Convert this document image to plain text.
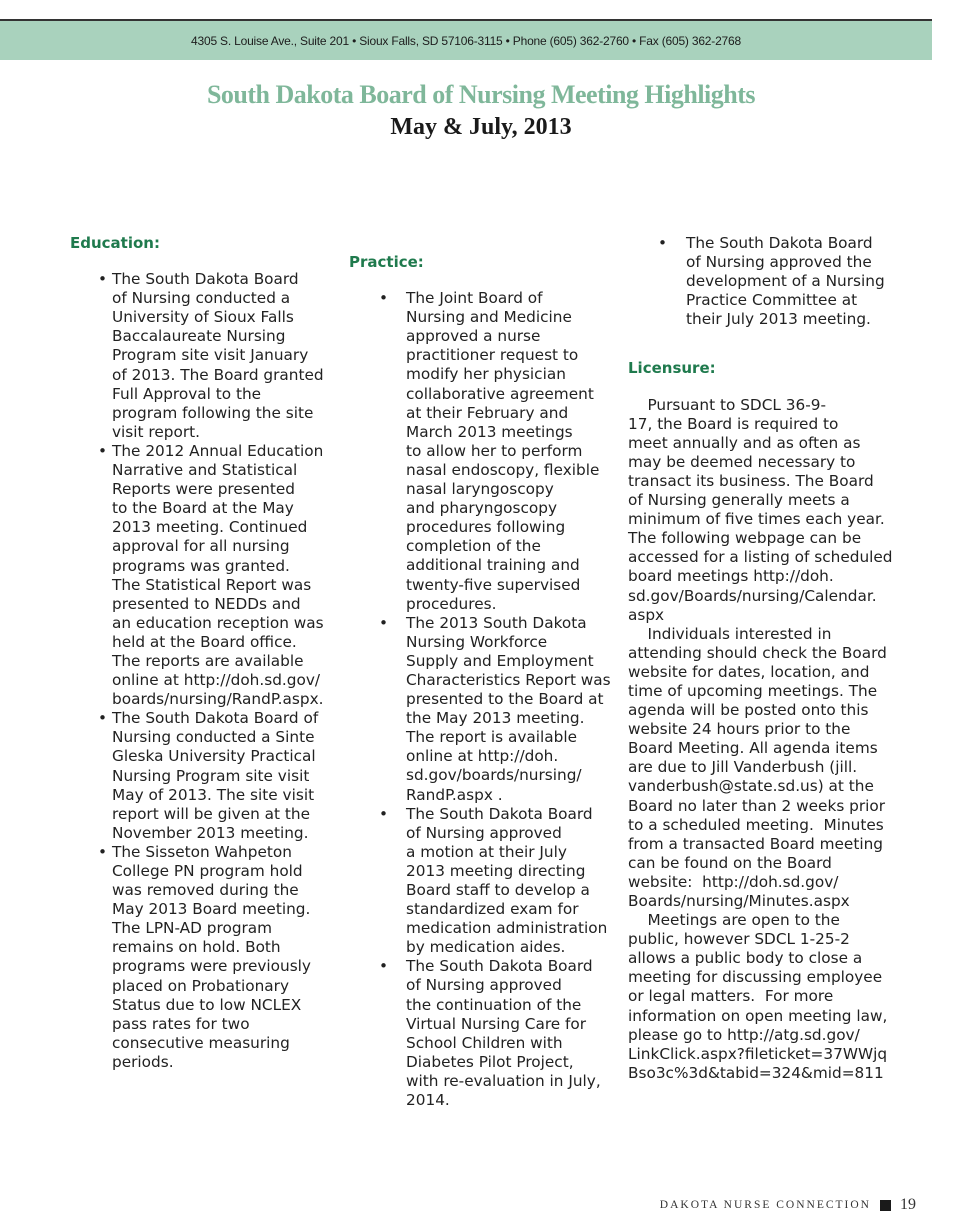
4305 S. Louise Ave., Suite 201 • Sioux Falls, SD 57106-3115 • Phone (605) 362-2760 • Fax (605) 362-2768
South Dakota Board of Nursing Meeting Highlights
May & July, 2013

Education:

• The South Dakota Board
of Nursing conducted a
University of Sioux Falls
Baccalaureate Nursing
Program site visit January
of 2013. The Board granted
Full Approval to the
program following the site
visit report.
• The 2012 Annual Education
Narrative and Statistical
Reports were presented
to the Board at the May
2013 meeting. Continued
approval for all nursing
programs was granted.
The Statistical Report was
presented to NEDDs and
an education reception was
held at the Board office.
The reports are available
online at http://doh.sd.gov/
boards/nursing/RandP.aspx.
• The South Dakota Board of
Nursing conducted a Sinte
Gleska University Practical
Nursing Program site visit
May of 2013. The site visit
report will be given at the
November 2013 meeting.
• The Sisseton Wahpeton
College PN program hold
was removed during the
May 2013 Board meeting.
The LPN-AD program
remains on hold. Both
programs were previously
placed on Probationary
Status due to low NCLEX
pass rates for two
consecutive measuring
periods.

Practice:

• The Joint Board of
Nursing and Medicine
approved a nurse
practitioner request to
modify her physician
collaborative agreement
at their February and
March 2013 meetings
to allow her to perform
nasal endoscopy, flexible
nasal laryngoscopy
and pharyngoscopy
procedures following
completion of the
additional training and
twenty-five supervised
procedures.
• The 2013 South Dakota
Nursing Workforce
Supply and Employment
Characteristics Report was
presented to the Board at
the May 2013 meeting.
The report is available
online at http://doh.
sd.gov/boards/nursing/
RandP.aspx .
• The South Dakota Board
of Nursing approved
a motion at their July
2013 meeting directing
Board staff to develop a
standardized exam for
medication administration
by medication aides.
• The South Dakota Board
of Nursing approved
the continuation of the
Virtual Nursing Care for
School Children with
Diabetes Pilot Project,
with re-evaluation in July,
2014.
• The South Dakota Board
of Nursing approved the
development of a Nursing
Practice Committee at
their July 2013 meeting.

Licensure:

Pursuant to SDCL 36-9-
17, the Board is required to
meet annually and as often as
may be deemed necessary to
transact its business. The Board
of Nursing generally meets a
minimum of five times each year.
The following webpage can be
accessed for a listing of scheduled
board meetings http://doh.
sd.gov/Boards/nursing/Calendar.
aspx
Individuals interested in
attending should check the Board
website for dates, location, and
time of upcoming meetings. The
agenda will be posted onto this
website 24 hours prior to the
Board Meeting. All agenda items
are due to Jill Vanderbush (jill.
vanderbush@state.sd.us) at the
Board no later than 2 weeks prior
to a scheduled meeting.  Minutes
from a transacted Board meeting
can be found on the Board
website:  http://doh.sd.gov/
Boards/nursing/Minutes.aspx
Meetings are open to the
public, however SDCL 1-25-2
allows a public body to close a
meeting for discussing employee
or legal matters.  For more
information on open meeting law,
please go to http://atg.sd.gov/
LinkClick.aspx?fileticket=37WWjq
Bso3c%3d&tabid=324&mid=811
DAKOTA NURSE CONNECTION 19
